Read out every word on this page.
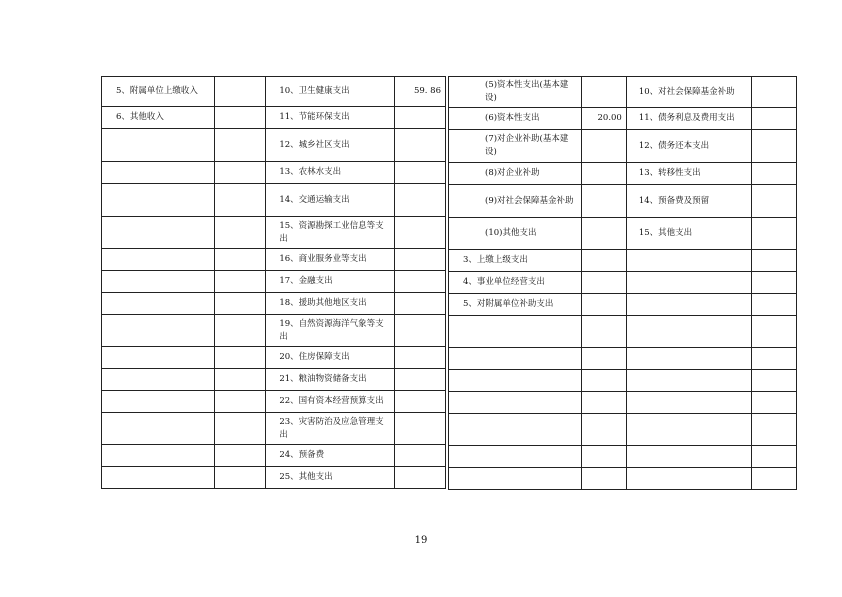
5、附属单位上缴收入		10、卫生健康支出	59. 86
6、其他收入		11、节能环保支出	
		12、城乡社区支出	
		13、农林水支出	
		14、交通运输支出	
		15、资源勘探工业信息等支出	
		16、商业服务业等支出	
		17、金融支出	
		18、援助其他地区支出	
		19、自然资源海洋气象等支出	
		20、住房保障支出	
		21、粮油物资储备支出	
		22、国有资本经营预算支出	
		23、灾害防治及应急管理支出	
		24、预备费	
		25、其他支出	
(5)资本性支出(基本建设)		10、对社会保障基金补助	
(6)资本性支出	20.00	11、债务利息及费用支出	
(7)对企业补助(基本建设)		12、债务还本支出	
(8)对企业补助		13、转移性支出	
(9)对社会保障基金补助		14、预备费及预留	
(10)其他支出		15、其他支出	
3、上缴上级支出			
4、事业单位经营支出			
5、对附属单位补助支出			

19
